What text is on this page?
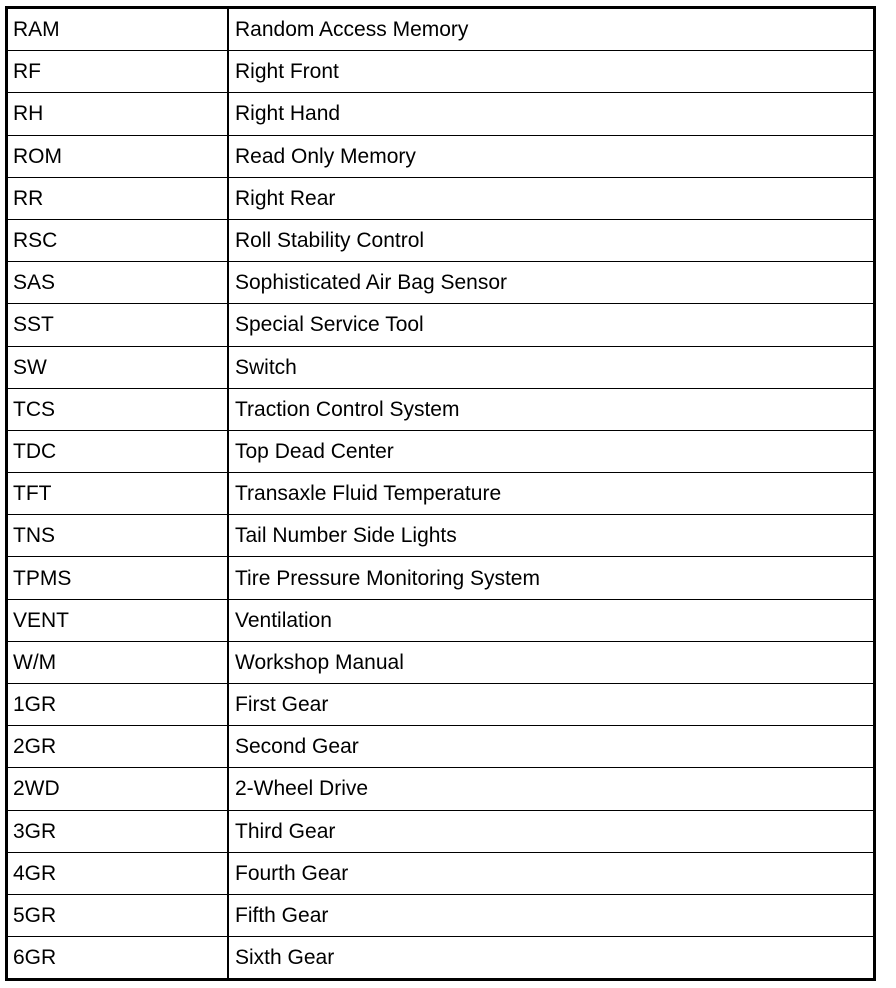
RAM	Random Access Memory
RF	Right Front
RH	Right Hand
ROM	Read Only Memory
RR	Right Rear
RSC	Roll Stability Control
SAS	Sophisticated Air Bag Sensor
SST	Special Service Tool
SW	Switch
TCS	Traction Control System
TDC	Top Dead Center
TFT	Transaxle Fluid Temperature
TNS	Tail Number Side Lights
TPMS	Tire Pressure Monitoring System
VENT	Ventilation
W/M	Workshop Manual
1GR	First Gear
2GR	Second Gear
2WD	2-Wheel Drive
3GR	Third Gear
4GR	Fourth Gear
5GR	Fifth Gear
6GR	Sixth Gear
